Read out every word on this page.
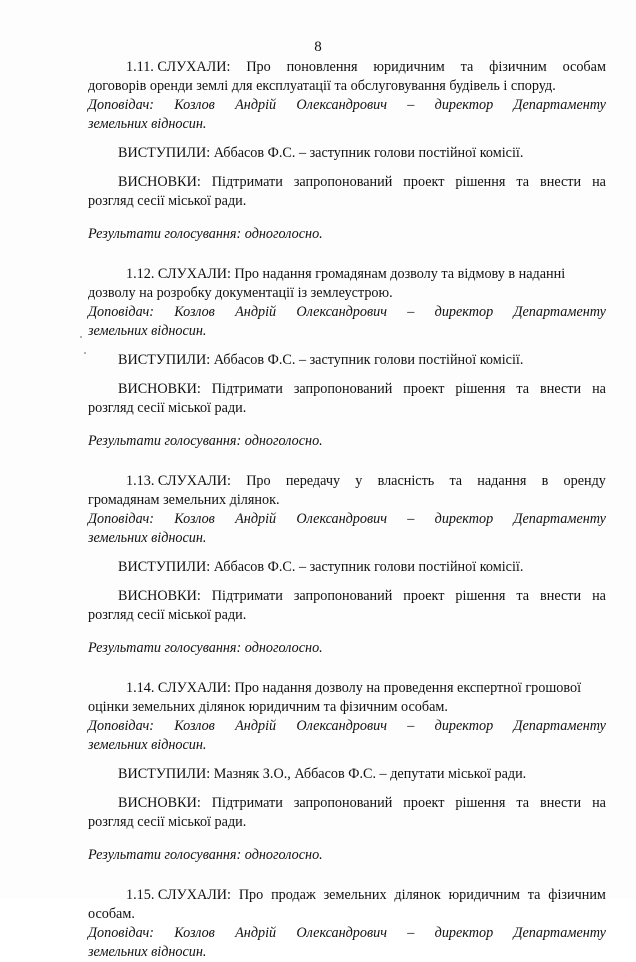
8
1.11. СЛУХАЛИ: Про поновлення юридичним та фізичним особам
договорів оренди землі для експлуатації та обслуговування будівель і споруд.
Доповідач: Козлов Андрій Олександрович – директор Департаменту
земельних відносин.
ВИСТУПИЛИ: Аббасов Ф.С. – заступник голови постійної комісії.
ВИСНОВКИ: Підтримати запропонований проект рішення та внести на
розгляд сесії міської ради.
Результати голосування: одноголосно.
1.12. СЛУХАЛИ: Про надання громадянам дозволу та відмову в наданні
дозволу на розробку документації із землеустрою.
Доповідач: Козлов Андрій Олександрович – директор Департаменту
земельних відносин.
ВИСТУПИЛИ: Аббасов Ф.С. – заступник голови постійної комісії.
ВИСНОВКИ: Підтримати запропонований проект рішення та внести на
розгляд сесії міської ради.
Результати голосування: одноголосно.
1.13. СЛУХАЛИ: Про передачу у власність та надання в оренду
громадянам земельних ділянок.
Доповідач: Козлов Андрій Олександрович – директор Департаменту
земельних відносин.
ВИСТУПИЛИ: Аббасов Ф.С. – заступник голови постійної комісії.
ВИСНОВКИ: Підтримати запропонований проект рішення та внести на
розгляд сесії міської ради.
Результати голосування: одноголосно.
1.14. СЛУХАЛИ: Про надання дозволу на проведення експертної грошової
оцінки земельних ділянок юридичним та фізичним особам.
Доповідач: Козлов Андрій Олександрович – директор Департаменту
земельних відносин.
ВИСТУПИЛИ: Мазняк З.О., Аббасов Ф.С. – депутати міської ради.
ВИСНОВКИ: Підтримати запропонований проект рішення та внести на
розгляд сесії міської ради.
Результати голосування: одноголосно.
1.15. СЛУХАЛИ: Про продаж земельних ділянок юридичним та фізичним
особам.
Доповідач: Козлов Андрій Олександрович – директор Департаменту
земельних відносин.
